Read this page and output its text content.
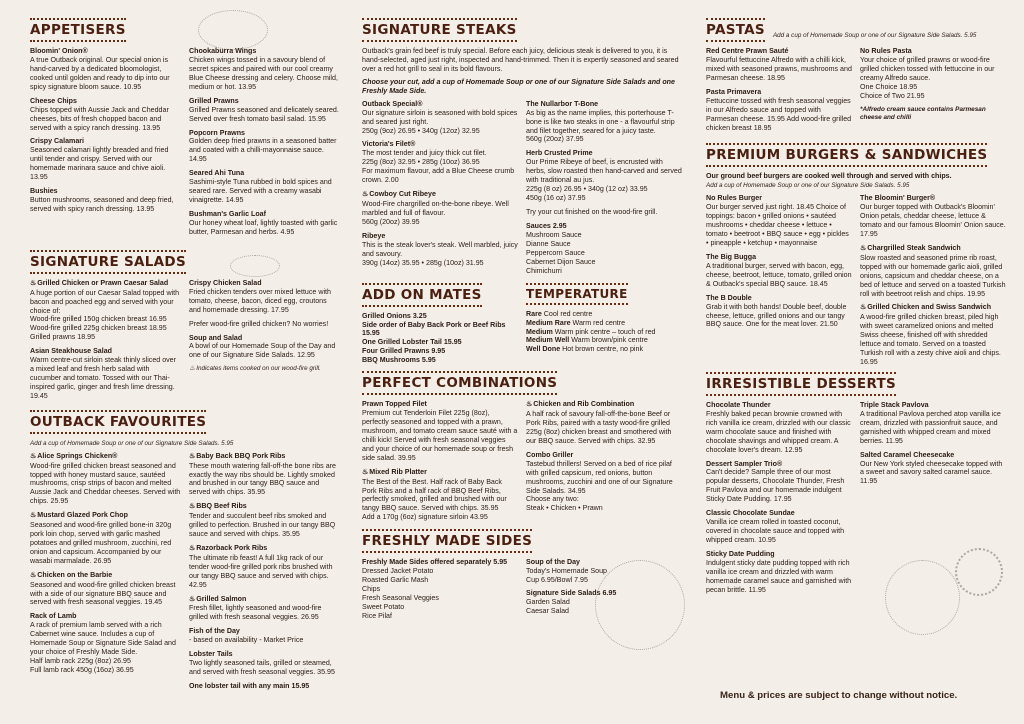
APPETISERS
Bloomin' Onion®
A true Outback original. Our special onion is hand-carved by a dedicated bloomologist, cooked until golden and ready to dip into our spicy signature bloom sauce. 10.95
Cheese Chips
Chips topped with Aussie Jack and Cheddar cheeses, bits of fresh chopped bacon and served with a spicy ranch dressing. 13.95
Crispy Calamari
Seasoned calamari lightly breaded and fried until tender and crispy. Served with our homemade marinara sauce and chive aioli. 13.95
Bushies
Button mushrooms, seasoned and deep fried, served with spicy ranch dressing. 13.95
Chookaburra Wings
Chicken wings tossed in a savoury blend of secret spices and paired with our cool creamy Blue Cheese dressing and celery. Choose mild, medium or hot. 13.95
Grilled Prawns
Grilled Prawns seasoned and delicately seared. Served over fresh tomato basil salad. 15.95
Popcorn Prawns
Golden deep fried prawns in a seasoned batter and coated with a chilli-mayonnaise sauce. 14.95
Seared Ahi Tuna
Sashimi-style Tuna rubbed in bold spices and seared rare. Served with a creamy wasabi vinaigrette. 14.95
Bushman's Garlic Loaf
Our honey wheat loaf, lightly toasted with garlic butter, Parmesan and herbs. 4.95
SIGNATURE SALADS
♨Grilled Chicken or Prawn Caesar Salad
A huge portion of our Caesar Salad topped with bacon and poached egg and served with your choice of:
Wood-fire grilled 150g chicken breast 16.95
Wood-fire grilled 225g chicken breast 18.95
Grilled prawns 18.95
Asian Steakhouse Salad
Warm centre-cut sirloin steak thinly sliced over a mixed leaf and fresh herb salad with cucumber and tomato. Tossed with our Thai-inspired garlic, ginger and fresh lime dressing. 19.45
Crispy Chicken Salad
Fried chicken tenders over mixed lettuce with tomato, cheese, bacon, diced egg, croutons and homemade dressing. 17.95
Prefer wood-fire grilled chicken? No worries!
Soup and Salad
A bowl of our Homemade Soup of the Day and one of our Signature Side Salads. 12.95
♨Indicates items cooked on our wood-fire grill.
OUTBACK FAVOURITES
Add a cup of Homemade Soup or one of our Signature Side Salads. 5.95
♨Alice Springs Chicken®
Wood-fire grilled chicken breast seasoned and topped with honey mustard sauce, sautéed mushrooms, crisp strips of bacon and melted Aussie Jack and Cheddar cheeses. Served with chips. 25.95
♨Mustard Glazed Pork Chop
Seasoned and wood-fire grilled bone-in 320g pork loin chop, served with garlic mashed potatoes and grilled mushroom, zucchini, red onion and capsicum. Accompanied by our wasabi marmalade. 26.95
♨Chicken on the Barbie
Seasoned and wood-fire grilled chicken breast with a side of our signature BBQ sauce and served with fresh seasonal veggies. 19.45
Rack of Lamb
A rack of premium lamb served with a rich Cabernet wine sauce. Includes a cup of Homemade Soup or Signature Side Salad and your choice of Freshly Made Side.
Half lamb rack 225g (8oz) 26.95
Full lamb rack 450g (16oz) 36.95
♨Baby Back BBQ Pork Ribs
These mouth watering fall-off-the bone ribs are exactly the way ribs should be. Lightly smoked and brushed in our tangy BBQ sauce and served with chips. 35.95
♨BBQ Beef Ribs
Tender and succulent beef ribs smoked and grilled to perfection. Brushed in our tangy BBQ sauce and served with chips. 35.95
♨Razorback Pork Ribs
The ultimate rib feast! A full 1kg rack of our tender wood-fire grilled pork ribs brushed with our tangy BBQ sauce and served with chips. 42.95
♨Grilled Salmon
Fresh fillet, lightly seasoned and wood-fire grilled with fresh seasonal veggies. 26.95
Fish of the Day
- based on availability - Market Price
Lobster Tails
Two lightly seasoned tails, grilled or steamed, and served with fresh seasonal veggies. 35.95
One lobster tail with any main 15.95
SIGNATURE STEAKS
Outback's grain fed beef is truly special. Before each juicy, delicious steak is delivered to you, it is hand-selected, aged just right, inspected and hand-trimmed. Then it is expertly seasoned and seared over a red hot grill to seal in its bold flavours.
Choose your cut, add a cup of Homemade Soup or one of our Signature Side Salads and one Freshly Made Side.
Outback Special®
Our signature sirloin is seasoned with bold spices and seared just right.
250g (9oz) 26.95 • 340g (12oz) 32.95
Victoria's Filet®
The most tender and juicy thick cut filet.
225g (8oz) 32.95 • 285g (10oz) 36.95
For maximum flavour, add a Blue Cheese crumb crown. 2.00
♨Cowboy Cut Ribeye
Wood-Fire chargrilled on-the-bone ribeye. Well marbled and full of flavour.
560g (20oz) 39.95
Ribeye
This is the steak lover's steak. Well marbled, juicy and savoury.
390g (14oz) 35.95 • 285g (10oz) 31.95
The Nullarbor T-Bone
As big as the name implies, this porterhouse T-bone is like two steaks in one - a flavourful strip and filet together, seared for a juicy taste.
560g (20oz) 37.95
Herb Crusted Prime
Our Prime Ribeye of beef, is encrusted with herbs, slow roasted then hand-carved and served with traditional au jus.
225g (8 oz) 26.95 • 340g (12 oz) 33.95
450g (16 oz) 37.95
Try your cut finished on the wood-fire grill.
Sauces 2.95
Mushroom Sauce
Dianne Sauce
Peppercorn Sauce
Cabernet Dijon Sauce
Chimichurri
ADD ON MATES
Grilled Onions 3.25
Side order of Baby Back Pork or Beef Ribs 15.95
One Grilled Lobster Tail 15.95
Four Grilled Prawns 9.95
BBQ Mushrooms 5.95
TEMPERATURE
Rare Cool red centre
Medium Rare Warm red centre
Medium Warm pink centre – touch of red
Medium Well Warm brown/pink centre
Well Done Hot brown centre, no pink
PERFECT COMBINATIONS
Prawn Topped Filet
Premium cut Tenderloin Filet 225g (8oz), perfectly seasoned and topped with a prawn, mushroom, and tomato cream sauce sauté with a chilli kick! Served with fresh seasonal veggies and your choice of our homemade soup or fresh side salad. 39.95
♨Mixed Rib Platter
The Best of the Best. Half rack of Baby Back Pork Ribs and a half rack of BBQ Beef Ribs, perfectly smoked, grilled and brushed with our tangy BBQ sauce. Served with chips. 35.95
Add a 170g (6oz) signature sirloin 43.95
♨Chicken and Rib Combination
A half rack of savoury fall-off-the-bone Beef or Pork Ribs, paired with a tasty wood-fire grilled 225g (8oz) chicken breast and smothered with our BBQ sauce. Served with chips. 32.95
Combo Griller
Tastebud thrillers! Served on a bed of rice pilaf with grilled capsicum, red onions, button mushrooms, zucchini and one of our Signature Side Salads. 34.95
Choose any two:
Steak • Chicken • Prawn
FRESHLY MADE SIDES
Freshly Made Sides offered separately 5.95
Dressed Jacket Potato
Roasted Garlic Mash
Chips
Fresh Seasonal Veggies
Sweet Potato
Rice Pilaf
Soup of the Day
Today's Homemade Soup
Cup 6.95/Bowl 7.95
Signature Side Salads 6.95
Garden Salad
Caesar Salad
PASTAS Add a cup of Homemade Soup or one of our Signature Side Salads. 5.95
Red Centre Prawn Sauté
Flavourful fettuccine Alfredo with a chilli kick, mixed with seasoned prawns, mushrooms and Parmesan cheese. 18.95
Pasta Primavera
Fettuccine tossed with fresh seasonal veggies in our Alfredo sauce and topped with Parmesan cheese. 15.95 Add wood-fire grilled chicken breast 18.95
No Rules Pasta
Your choice of grilled prawns or wood-fire grilled chicken tossed with fettuccine in our creamy Alfredo sauce.
One Choice 18.95
Choice of Two 21.95
*Alfredo cream sauce contains Parmesan cheese and chilli
PREMIUM BURGERS & SANDWICHES
Our ground beef burgers are cooked well through and served with chips.
Add a cup of Homemade Soup or one of our Signature Side Salads. 5.95
No Rules Burger
Our burger served just right. 18.45 Choice of toppings: bacon • grilled onions • sautéed mushrooms • cheddar cheese • lettuce • tomato • beetroot • BBQ sauce • egg • pickles • pineapple • ketchup • mayonnaise
The Big Bugga
A traditional burger, served with bacon, egg, cheese, beetroot, lettuce, tomato, grilled onion & Outback's special BBQ sauce. 18.45
The B Double
Grab it with both hands! Double beef, double cheese, lettuce, grilled onions and our tangy BBQ sauce. One for the meat lover. 21.50
The Bloomin' Burger®
Our burger topped with Outback's Bloomin' Onion petals, cheddar cheese, lettuce & tomato and our famous Bloomin' Onion sauce. 17.95
♨Chargrilled Steak Sandwich
Slow roasted and seasoned prime rib roast, topped with our homemade garlic aioli, grilled onions, capsicum and cheddar cheese, on a bed of lettuce and served on a toasted Turkish roll with beetroot relish and chips. 19.95
♨Grilled Chicken and Swiss Sandwich
A wood-fire grilled chicken breast, piled high with sweet caramelized onions and melted Swiss cheese, finished off with shredded lettuce and tomato. Served on a toasted Turkish roll with a zesty chive aioli and chips. 16.95
IRRESISTIBLE DESSERTS
Chocolate Thunder
Freshly baked pecan brownie crowned with rich vanilla ice cream, drizzled with our classic warm chocolate sauce and finished with chocolate shavings and whipped cream. A chocolate lover's dream. 12.95
Dessert Sampler Trio®
Can't decide? Sample three of our most popular desserts, Chocolate Thunder, Fresh Fruit Pavlova and our homemade indulgent Sticky Date Pudding. 17.95
Classic Chocolate Sundae
Vanilla ice cream rolled in toasted coconut, covered in chocolate sauce and topped with whipped cream. 10.95
Sticky Date Pudding
Indulgent sticky date pudding topped with rich vanilla ice cream and drizzled with warm homemade caramel sauce and garnished with pecan brittle. 11.95
Triple Stack Pavlova
A traditional Pavlova perched atop vanilla ice cream, drizzled with passionfruit sauce, and garnished with whipped cream and mixed berries. 11.95
Salted Caramel Cheesecake
Our New York styled cheesecake topped with a sweet and savory salted caramel sauce. 11.95
Menu & prices are subject to change without notice.
